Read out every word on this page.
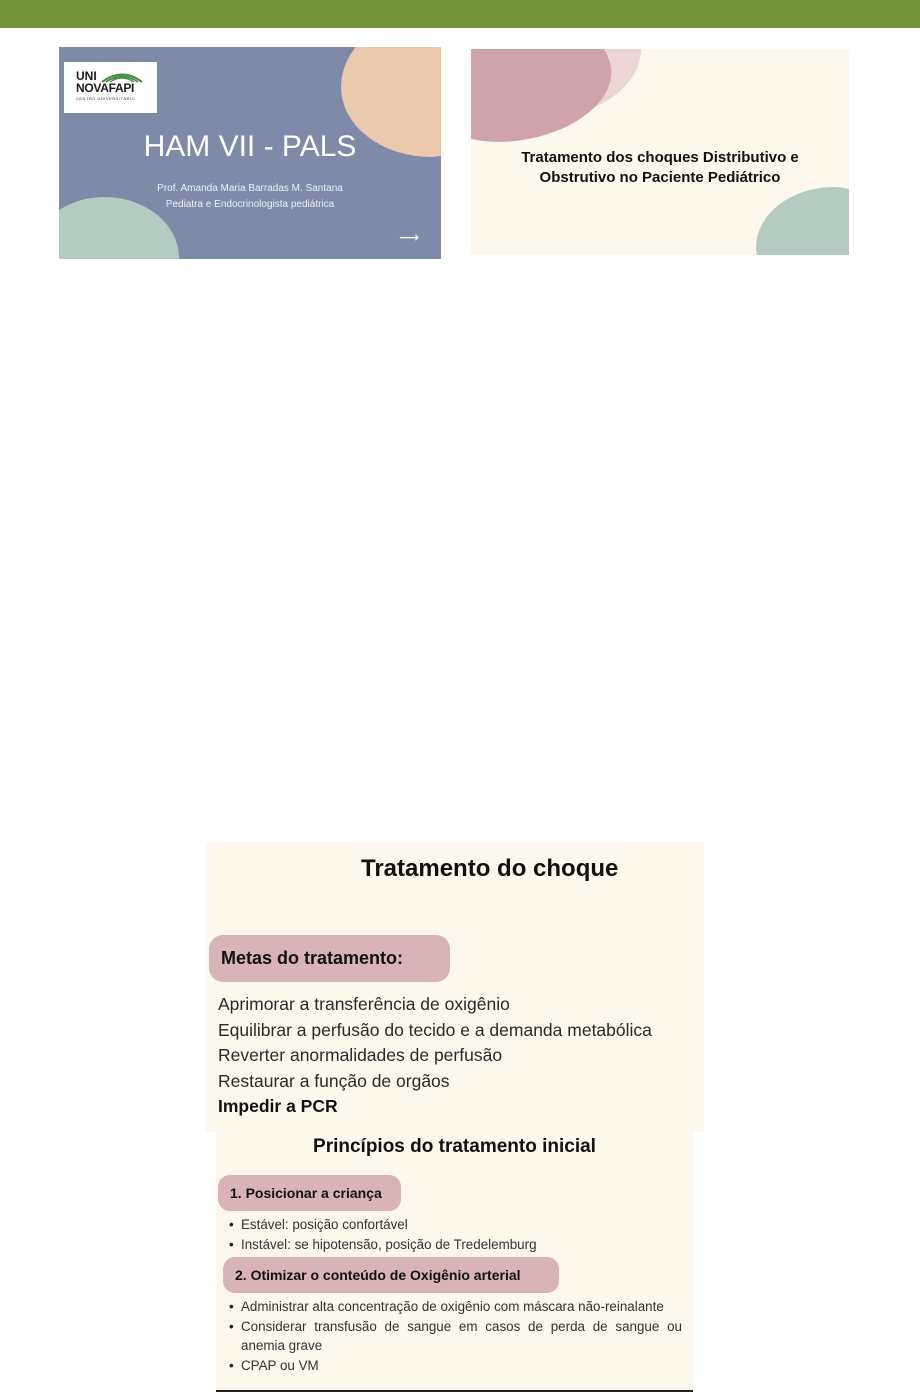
UNI
NOVAFAPI
CENTRO UNIVERSITÁRIO
HAM VII - PALS
Prof. Amanda Maria Barradas M. Santana
Pediatra e Endocrinologista pediátrica
⟶
Tratamento dos choques Distributivo e
Obstrutivo no Paciente Pediátrico
Tratamento do choque
Metas do tratamento:
Aprimorar a transferência de oxigênio
Equilibrar a perfusão do tecido e a demanda metabólica
Reverter anormalidades de perfusão
Restaurar a função de orgãos
Impedir a PCR
Princípios do tratamento inicial
1. Posicionar a criança
• Estável: posição confortável
• Instável: se hipotensão, posição de Tredelemburg
2. Otimizar o conteúdo de Oxigênio arterial
• Administrar alta concentração de oxigênio com máscara não-reinalante
• Considerar transfusão de sangue em casos de perda de sangue ou anemia grave
• CPAP ou VM
